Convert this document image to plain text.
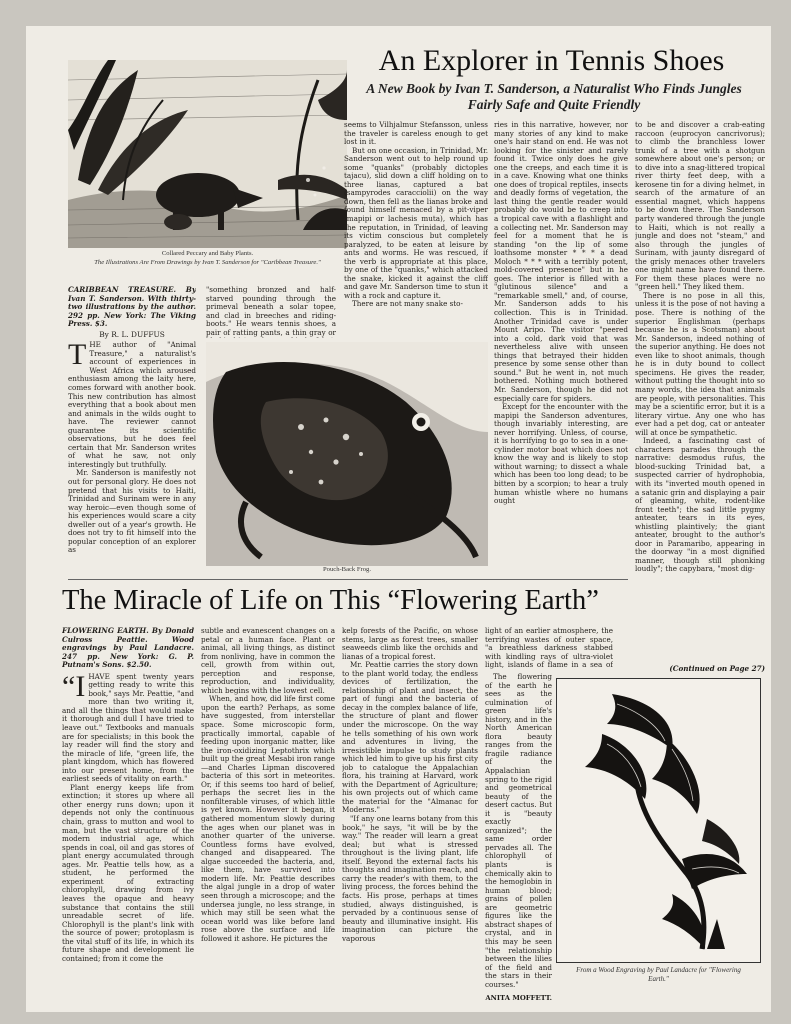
Collared Peccary and Baby Plants.
The Illustrations Are From Drawings by Ivan T. Sanderson for "Caribbean Treasure."
An Explorer in Tennis Shoes
A New Book by Ivan T. Sanderson, a Naturalist Who Finds Jungles Fairly Safe and Quite Friendly

CARIBBEAN TREASURE. By Ivan T. Sanderson. With thirty-two illustrations by the author. 292 pp. New York: The Viking Press. $3.

By R. L. DUFFUS

THE author of "Animal Treasure," a naturalist's account of experiences in West Africa which aroused enthusiasm among the laity here, comes forward with another book. This new contribution has almost everything that a book about men and animals in the wilds ought to have. The reviewer cannot guarantee its scientific observations, but he does feel certain that Mr. Sanderson writes of what he saw, not only interestingly but truthfully.

Mr. Sanderson is manifestly not out for personal glory. He does not pretend that his visits to Haiti, Trinidad and Surinam were in any way heroic—even though some of his experiences would scare a city dweller out of a year's growth. He does not try to fit himself into the popular conception of an explorer as

"something bronzed and half-starved pounding through the primeval beneath a solar topee, and clad in breeches and riding-boots." He wears tennis shoes, a pair of ratting pants, a thin gray or

Pouch-Back Frog.

seems to Vilhjalmur Stefansson, unless the traveler is careless enough to get lost in it.

But on one occasion, in Trinidad, Mr. Sanderson went out to help round up some "quanks" (probably dictoples tajacu), slid down a cliff holding on to three lianas, captured a bat (sampyrodes caracciolii) on the way down, then fell as the lianas broke and found himself menaced by a pit-viper (mapipi or lachesis muta), which has the reputation, in Trinidad, of leaving its victim conscious but completely paralyzed, to be eaten at leisure by ants and worms. He was rescued, if the verb is appropriate at this place, by one of the "quanks," which attacked the snake, kicked it against the cliff and gave Mr. Sanderson time to stun it with a rock and capture it.

There are not many snake sto-

ries in this narrative, however, nor many stories of any kind to make one's hair stand on end. He was not looking for the sinister and rarely found it. Twice only does he give one the creeps, and each time it is in a cave. Knowing what one thinks one does of tropical reptiles, insects and deadly forms of vegetation, the last thing the gentle reader would probably do would be to creep into a tropical cave with a flashlight and a collecting net. Mr. Sanderson may feel for a moment that he is standing "on the lip of some loathsome monster * * * a dead Moloch * * * with a terribly potent, mold-covered presence" but in he goes. The interior is filled with a "glutinous silence" and a "remarkable smell," and, of course, Mr. Sanderson adds to his collection. This is in Trinidad. Another Trinidad cave is under Mount Aripo. The visitor "peered into a cold, dark void that was nevertheless alive with unseen things that betrayed their hidden presence by some sense other than sound." But he went in, not much bothered. Nothing much bothered Mr. Sanderson, though he did not especially care for spiders.

Except for the encounter with the mapipi the Sanderson adventures, though invariably interesting, are never horrifying. Unless, of course, it is horrifying to go to sea in a one-cylinder motor boat which does not know the way and is likely to stop without warning; to dissect a whale which has been too long dead; to be bitten by a scorpion; to hear a truly human whistle where no humans ought

to be and discover a crab-eating raccoon (euprocyon cancrivorus); to climb the branchless lower trunk of a tree with a shotgun somewhere about one's person; or to dive into a snag-littered tropical river thirty feet deep, with a kerosene tin for a diving helmet, in search of the armature of an essential magnet, which happens to be down there. The Sanderson party wandered through the jungle to Haiti, which is not really a jungle and does not "steam," and also through the jungles of Surinam, with jaunty disregard of the grisly menaces other travelers one might name have found there. For them these places were no "green hell." They liked them.

There is no pose in all this, unless it is the pose of not having a pose. There is nothing of the superior Englishman (perhaps because he is a Scotsman) about Mr. Sanderson, indeed nothing of the superior anything. He does not even like to shoot animals, though he is in duty bound to collect specimens. He gives the reader, without putting the thought into so many words, the idea that animals are people, with personalities. This may be a scientific error, but it is a literary virtue. Any one who has ever had a pet dog, cat or anteater will at once be sympathetic.

Indeed, a fascinating cast of characters parades through the narrative: desmodus rufus, the blood-sucking Trinidad bat, a suspected carrier of hydrophobia, with its "inverted mouth opened in a satanic grin and displaying a pair of gleaming, white, rodent-like front teeth"; the sad little pygmy anteater, tears in its eyes, whistling plaintively; the giant anteater, brought to the author's door in Paramaribo, appearing in the doorway "in a most dignified manner, though still phonking loudly"; the capybara, "most dig-

(Continued on Page 27)
The Miracle of Life on This “Flowering Earth”

FLOWERING EARTH. By Donald Culross Peattie. Wood engravings by Paul Landacre. 247 pp. New York: G. P. Putnam's Sons. $2.50.

“IHAVE spent twenty years getting ready to write this book," says Mr. Peattie, "and more than two writing it, and all the things that would make it thorough and dull I have tried to leave out." Textbooks and manuals are for specialists; in this book the lay reader will find the story and the miracle of life, "green life, the plant kingdom, which has flowered into our present home, from the earliest seeds of vitality on earth."

Plant energy keeps life from extinction; it stores up where all other energy runs down; upon it depends not only the continuous chain, grass to mutton and wool to man, but the vast structure of the modern industrial age, which spends in coal, oil and gas stores of plant energy accumulated through ages. Mr. Peattie tells how, as a student, he performed the experiment of extracting chlorophyll, drawing from ivy leaves the opaque and heavy substance that contains the still unreadable secret of life. Chlorophyll is the plant's link with the source of power; protoplasm is the vital stuff of its life, in which its future shape and development lie contained; from it come the

subtle and evanescent changes on a petal or a human face. Plant or animal, all living things, as distinct from nonliving, have in common the cell, growth from within out, perception and response, reproduction, and individuality, which begins with the lowest cell.

When, and how, did life first come upon the earth? Perhaps, as some have suggested, from interstellar space. Some microscopic form, practically immortal, capable of feeding upon inorganic matter, like the iron-oxidizing Leptothrix which built up the great Mesabi iron range—and Charles Lipman discovered bacteria of this sort in meteorites. Or, if this seems too hard of belief, perhaps the secret lies in the nonfilterable viruses, of which little is yet known. However it began, it gathered momentum slowly during the ages when our planet was in another quarter of the universe. Countless forms have evolved, changed and disappeared. The algae succeeded the bacteria, and, like them, have survived into modern life. Mr. Peattie describes the algal jungle in a drop of water seen through a microscope; and the undersea jungle, no less strange, in which may still be seen what the ocean world was like before land rose above the surface and life followed it ashore. He pictures the

kelp forests of the Pacific, on whose stems, large as forest trees, smaller seaweeds climb like the orchids and lianas of a tropical forest.

Mr. Peattie carries the story down to the plant world today, the endless devices of fertilization, the relationship of plant and insect, the part of fungi and the bacteria of decay in the complex balance of life, the structure of plant and flower under the microscope. On the way he tells something of his own work and adventures in living, the irresistible impulse to study plants which led him to give up his first city job to catalogue the Appalachian flora, his training at Harvard, work with the Department of Agriculture; his own projects out of which came the material for the "Almanac for Moderns."

"If any one learns botany from this book," he says, "it will be by the way." The reader will learn a great deal; but what is stressed throughout is the living plant, life itself. Beyond the external facts his thoughts and imagination reach, and carry the reader's with them, to the living process, the forces behind the facts. His prose, perhaps at times studied, always distinguished, is pervaded by a continuous sense of beauty and illuminative insight. His imagination can picture the vaporous

light of an earlier atmosphere, the terrifying wastes of outer space, "a breathless darkness stabbed with kindling rays of ultra-violet light, islands of flame in a sea of

The flowering of the earth he sees as the culmination of green life's history, and in the North American flora beauty ranges from the fragile radiance of the Appalachian spring to the rigid and geometrical beauty of the desert cactus. But it is "beauty exactly organized"; the same order pervades all. The chlorophyll of plants is chemically akin to the hemoglobin in human blood; grains of pollen are geometric figures like the abstract shapes of crystal, and in this may be seen "the relationship between the lilies of the field and the stars in their courses."

ANITA MOFFETT.
From a Wood Engraving by Paul Landacre for "Flowering Earth."
